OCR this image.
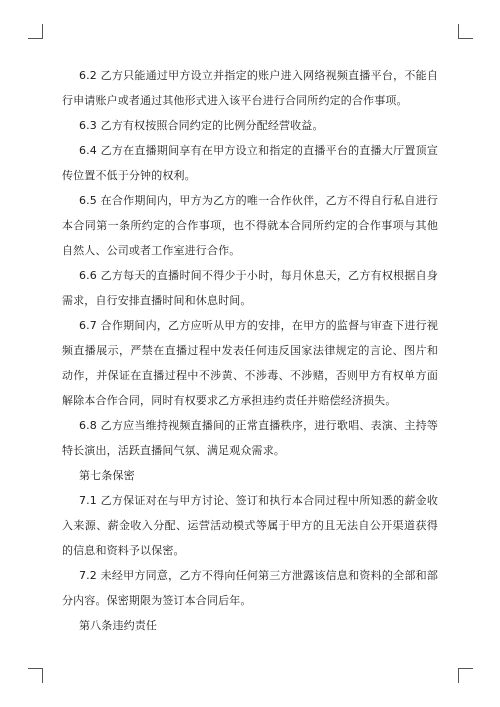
6.2 乙方只能通过甲方设立并指定的账户进入网络视频直播平台，不能自行申请账户或者通过其他形式进入该平台进行合同所约定的合作事项。

6.3 乙方有权按照合同约定的比例分配经营收益。

6.4 乙方在直播期间享有在甲方设立和指定的直播平台的直播大厅置顶宣传位置不低于分钟的权利。

6.5 在合作期间内，甲方为乙方的唯一合作伙伴，乙方不得自行私自进行本合同第一条所约定的合作事项，也不得就本合同所约定的合作事项与其他自然人、公司或者工作室进行合作。

6.6 乙方每天的直播时间不得少于小时，每月休息天，乙方有权根据自身需求，自行安排直播时间和休息时间。

6.7 合作期间内，乙方应听从甲方的安排，在甲方的监督与审查下进行视频直播展示，严禁在直播过程中发表任何违反国家法律规定的言论、图片和动作，并保证在直播过程中不涉黄、不涉毒、不涉赌，否则甲方有权单方面解除本合作合同，同时有权要求乙方承担违约责任并赔偿经济损失。

6.8 乙方应当维持视频直播间的正常直播秩序，进行歌唱、表演、主持等特长演出，活跃直播间气氛、满足观众需求。

第七条保密

7.1 乙方保证对在与甲方讨论、签订和执行本合同过程中所知悉的薪金收入来源、薪金收入分配、运营活动模式等属于甲方的且无法自公开渠道获得的信息和资料予以保密。

7.2 未经甲方同意，乙方不得向任何第三方泄露该信息和资料的全部和部分内容。保密期限为签订本合同后年。

第八条违约责任
